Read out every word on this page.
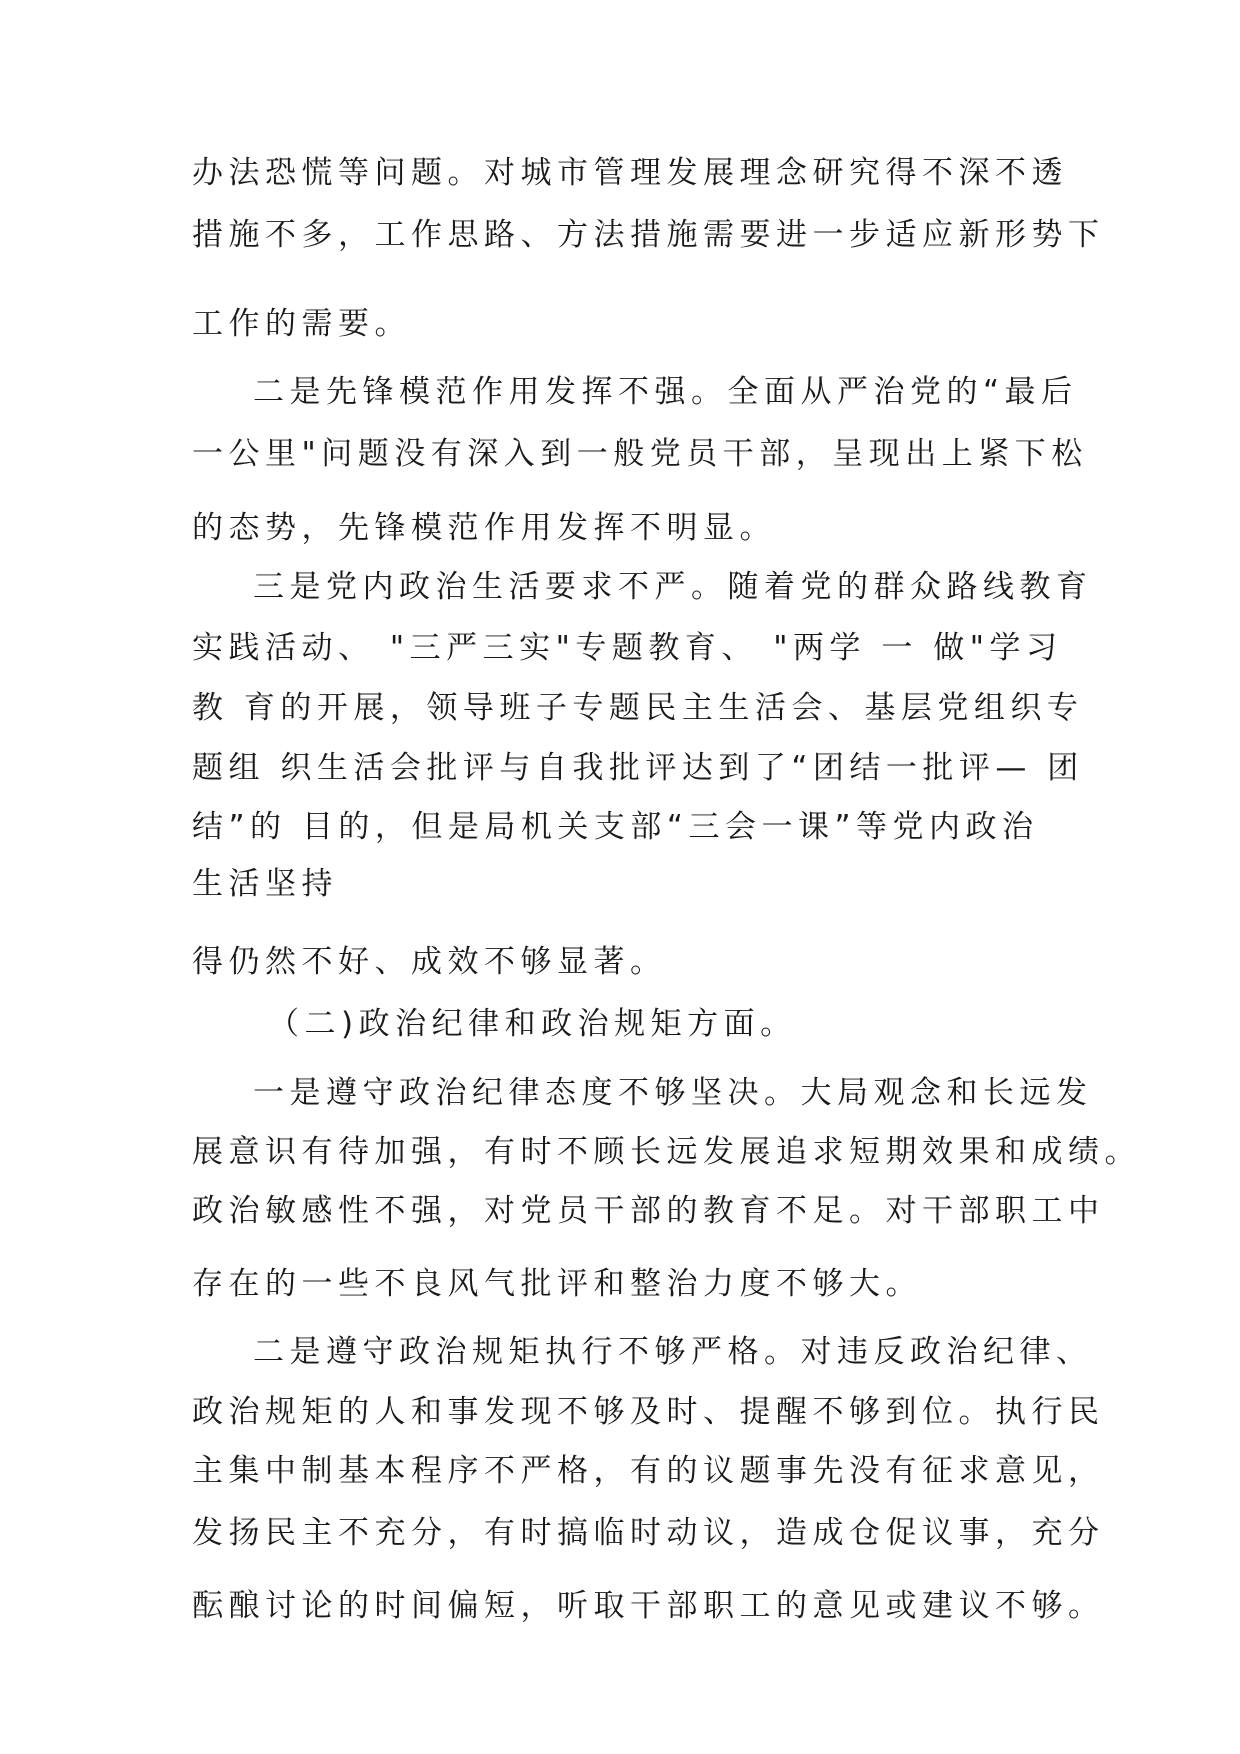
办法恐慌等问题。对城市管理发展理念研究得不深不透

措施不多，工作思路、方法措施需要进一步适应新形势下

工作的需要。

二是先锋模范作用发挥不强。全面从严治党的“最后

一公里"问题没有深入到一般党员干部，呈现出上紧下松

的态势，先锋模范作用发挥不明显。

三是党内政治生活要求不严。随着党的群众路线教育

实践活动、 "三严三实"专题教育、 "两学 一 做"学习

教 育的开展，领导班子专题民主生活会、基层党组织专

题组 织生活会批评与自我批评达到了“团结一批评— 团

结”的 目的，但是局机关支部“三会一课”等党内政治

生活坚持

得仍然不好、成效不够显著。

（二)政治纪律和政治规矩方面。

一是遵守政治纪律态度不够坚决。大局观念和长远发

展意识有待加强，有时不顾长远发展追求短期效果和成绩。

政治敏感性不强，对党员干部的教育不足。对干部职工中

存在的一些不良风气批评和整治力度不够大。

二是遵守政治规矩执行不够严格。对违反政治纪律、

政治规矩的人和事发现不够及时、提醒不够到位。执行民

主集中制基本程序不严格，有的议题事先没有征求意见，

发扬民主不充分，有时搞临时动议，造成仓促议事，充分

酝酿讨论的时间偏短，听取干部职工的意见或建议不够。
